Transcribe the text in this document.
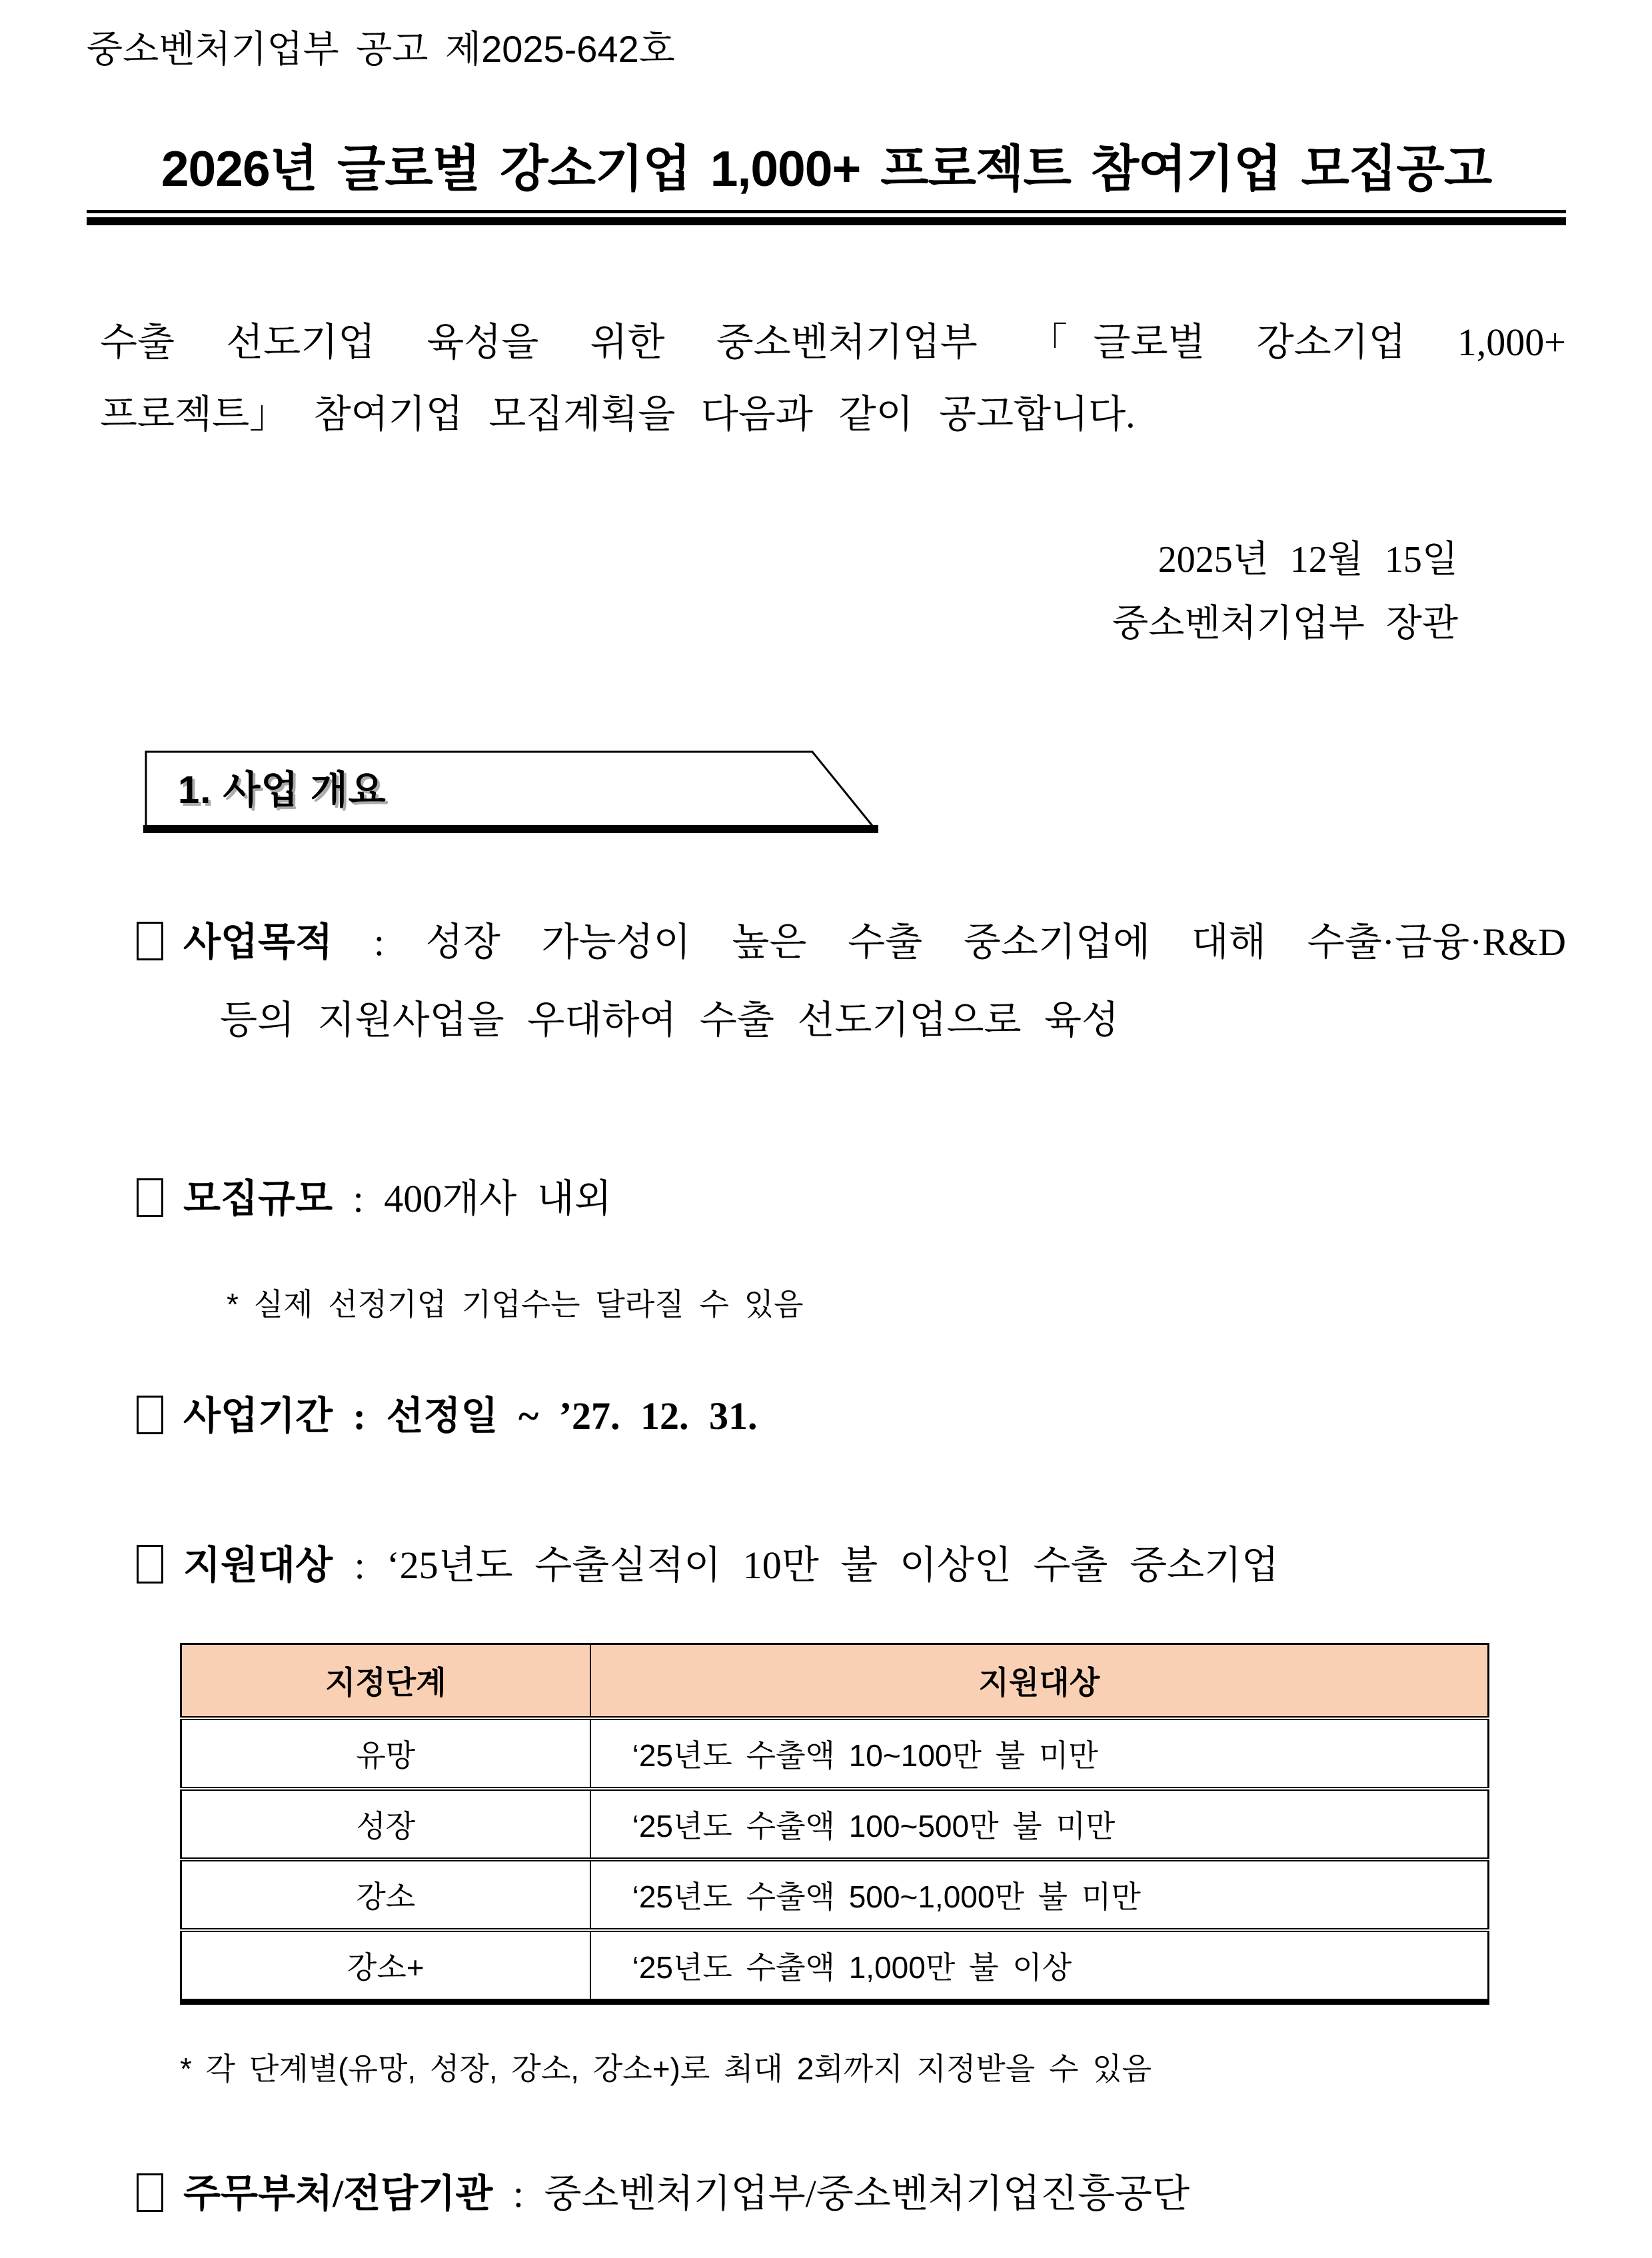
중소벤처기업부 공고 제2025-642호
2026년 글로벌 강소기업 1,000+ 프로젝트 참여기업 모집공고
수출 선도기업 육성을 위한 중소벤처기업부 「글로벌 강소기업 1,000+
프로젝트」 참여기업 모집계획을 다음과 같이 공고합니다.
2025년 12월 15일
중소벤처기업부 장관
1. 사업 개요
사업목적 : 성장 가능성이 높은 수출 중소기업에 대해 수출·금융·R&D
등의 지원사업을 우대하여 수출 선도기업으로 육성
모집규모 : 400개사 내외
* 실제 선정기업 기업수는 달라질 수 있음
사업기간 : 선정일 ~ ’27. 12. 31.
지원대상 : ‘25년도 수출실적이 10만 불 이상인 수출 중소기업
지정단계	지원대상
유망	‘25년도 수출액 10~100만 불 미만
성장	‘25년도 수출액 100~500만 불 미만
강소	‘25년도 수출액 500~1,000만 불 미만
강소+	‘25년도 수출액 1,000만 불 이상
* 각 단계별(유망, 성장, 강소, 강소+)로 최대 2회까지 지정받을 수 있음
주무부처/전담기관 : 중소벤처기업부/중소벤처기업진흥공단
